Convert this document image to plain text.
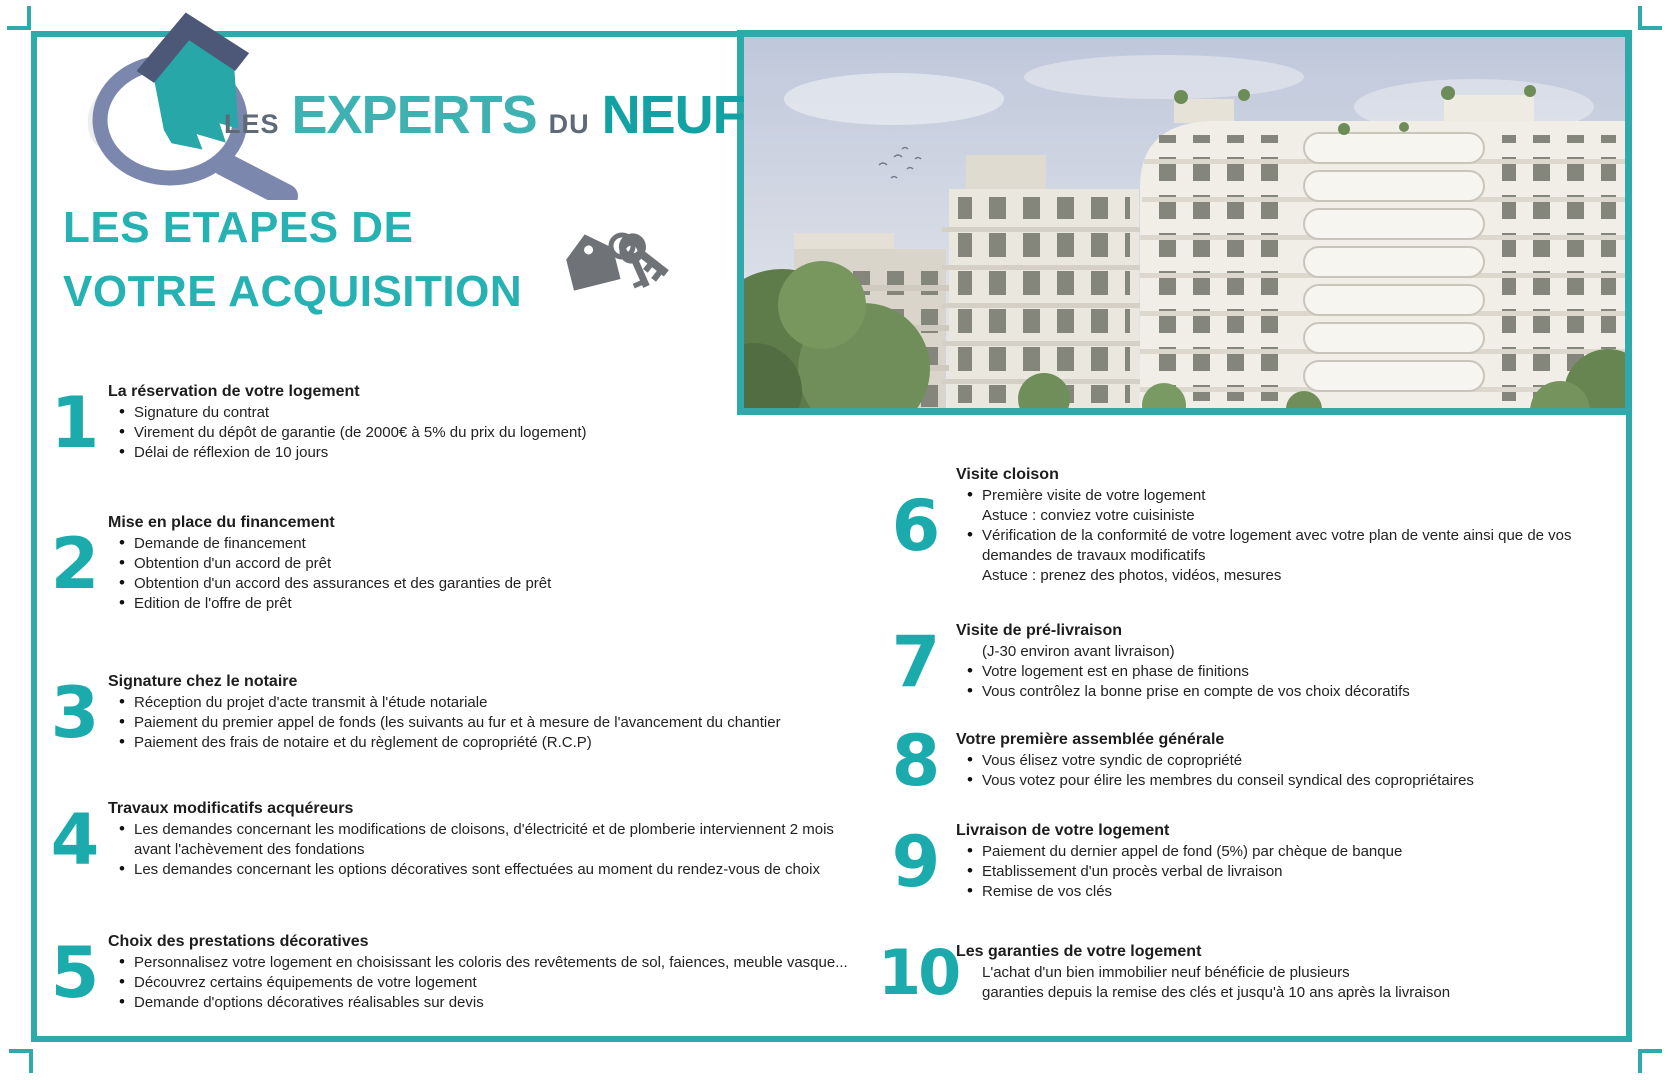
LES EXPERTS DU NEUF
LES ETAPES DE
VOTRE ACQUISITION
1 La réservation de votre logement
• Signature du contrat
• Virement du dépôt de garantie (de 2000€ à 5% du prix du logement)
• Délai de réflexion de 10 jours
2
Mise en place du financement
• Demande de financement
• Obtention d'un accord de prêt
• Obtention d'un accord des assurances et des garanties de prêt
• Edition de l'offre de prêt
3 Signature chez le notaire
• Réception du projet d'acte transmit à l'étude notariale
• Paiement du premier appel de fonds (les suivants au fur et à mesure de l'avancement du chantier
• Paiement des frais de notaire et du règlement de copropriété (R.C.P)
4 Travaux modificatifs acquéreurs
• Les demandes concernant les modifications de cloisons, d'électricité et de plomberie interviennent 2 mois avant l'achèvement des fondations
• Les demandes concernant les options décoratives sont effectuées au moment du rendez-vous de choix
5 Choix des prestations décoratives
• Personnalisez votre logement en choisissant les coloris des revêtements de sol, faiences, meuble vasque...
• Découvrez certains équipements de votre logement
• Demande d'options décoratives réalisables sur devis
6
Visite cloison
• Première visite de votre logement
Astuce : conviez votre cuisiniste
• Vérification de la conformité de votre logement avec votre plan de vente ainsi que de vos demandes de travaux modificatifs
Astuce : prenez des photos, vidéos, mesures
7 Visite de pré-livraison
(J-30 environ avant livraison)
• Votre logement est en phase de finitions
• Vous contrôlez la bonne prise en compte de vos choix décoratifs
8 Votre première assemblée générale
• Vous élisez votre syndic de copropriété
• Vous votez pour élire les membres du conseil syndical des copropriétaires
9 Livraison de votre logement
• Paiement du dernier appel de fond (5%) par chèque de banque
• Etablissement d'un procès verbal de livraison
• Remise de vos clés
10
Les garanties de votre logement
L'achat d'un bien immobilier neuf bénéficie de plusieurs
garanties depuis la remise des clés et jusqu'à 10 ans après la livraison
